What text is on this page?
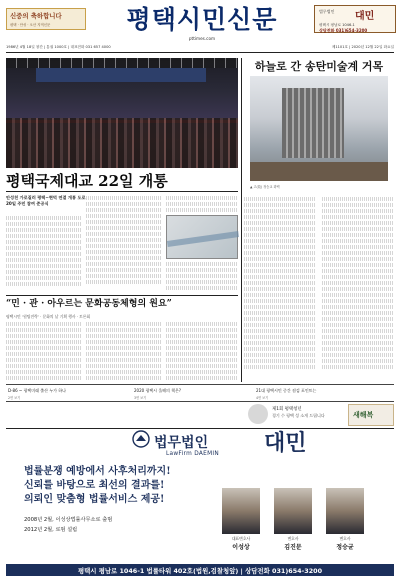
신중의 축하합니다
평택 · 안성 · 오산 지역신문	평택시민신문
pttimes.com
법무법인 대민
평택시 평남로 1046-1
상담전화 031)654-3200
1986년 4월 18일 창간 | 통권 1000호 | 대표전화 031 657 4000	제1101호 | 2020년 12월 22일 화요일
하늘로 간 송탄미술계 거목
▲ 고(故) 정승교 화백
평택국제대교 22일 개통
안성천 가로질러 평택~현덕 연결 개통 도로 20일 주민 참여 준공식
“민 · 관 · 아우르는 문화공동체형의 원요”
평택시민 ‘원팀전략’ · 문화의 날 기획 행사 · 토론회
D-86 ~ 평택미래 출산 누가 하나
2면 보기
2020 평택시 올해의 책은?
3면 보기
21대 평택시민 중간 점검 포인트는
4면 보기
제1회 평택청년
경기 수 평택 성 소개 드립니다	새해복
법무법인	대민
LawFirm DAEMIN
법률분쟁 예방에서 사후처리까지!
신뢰를 바탕으로 최선의 결과를!
의뢰인 맞춤형 법률서비스 제공!
2008년 2월, 이성상법률사무소로 출범
2012년 2월, 로펌 설립
대표변호사
이성상
변호사
김진문
변호사
정승균
평택시 평남로 1046-1 법률타워 402호(법원,검찰청앞) | 상담전화 031)654-3200
